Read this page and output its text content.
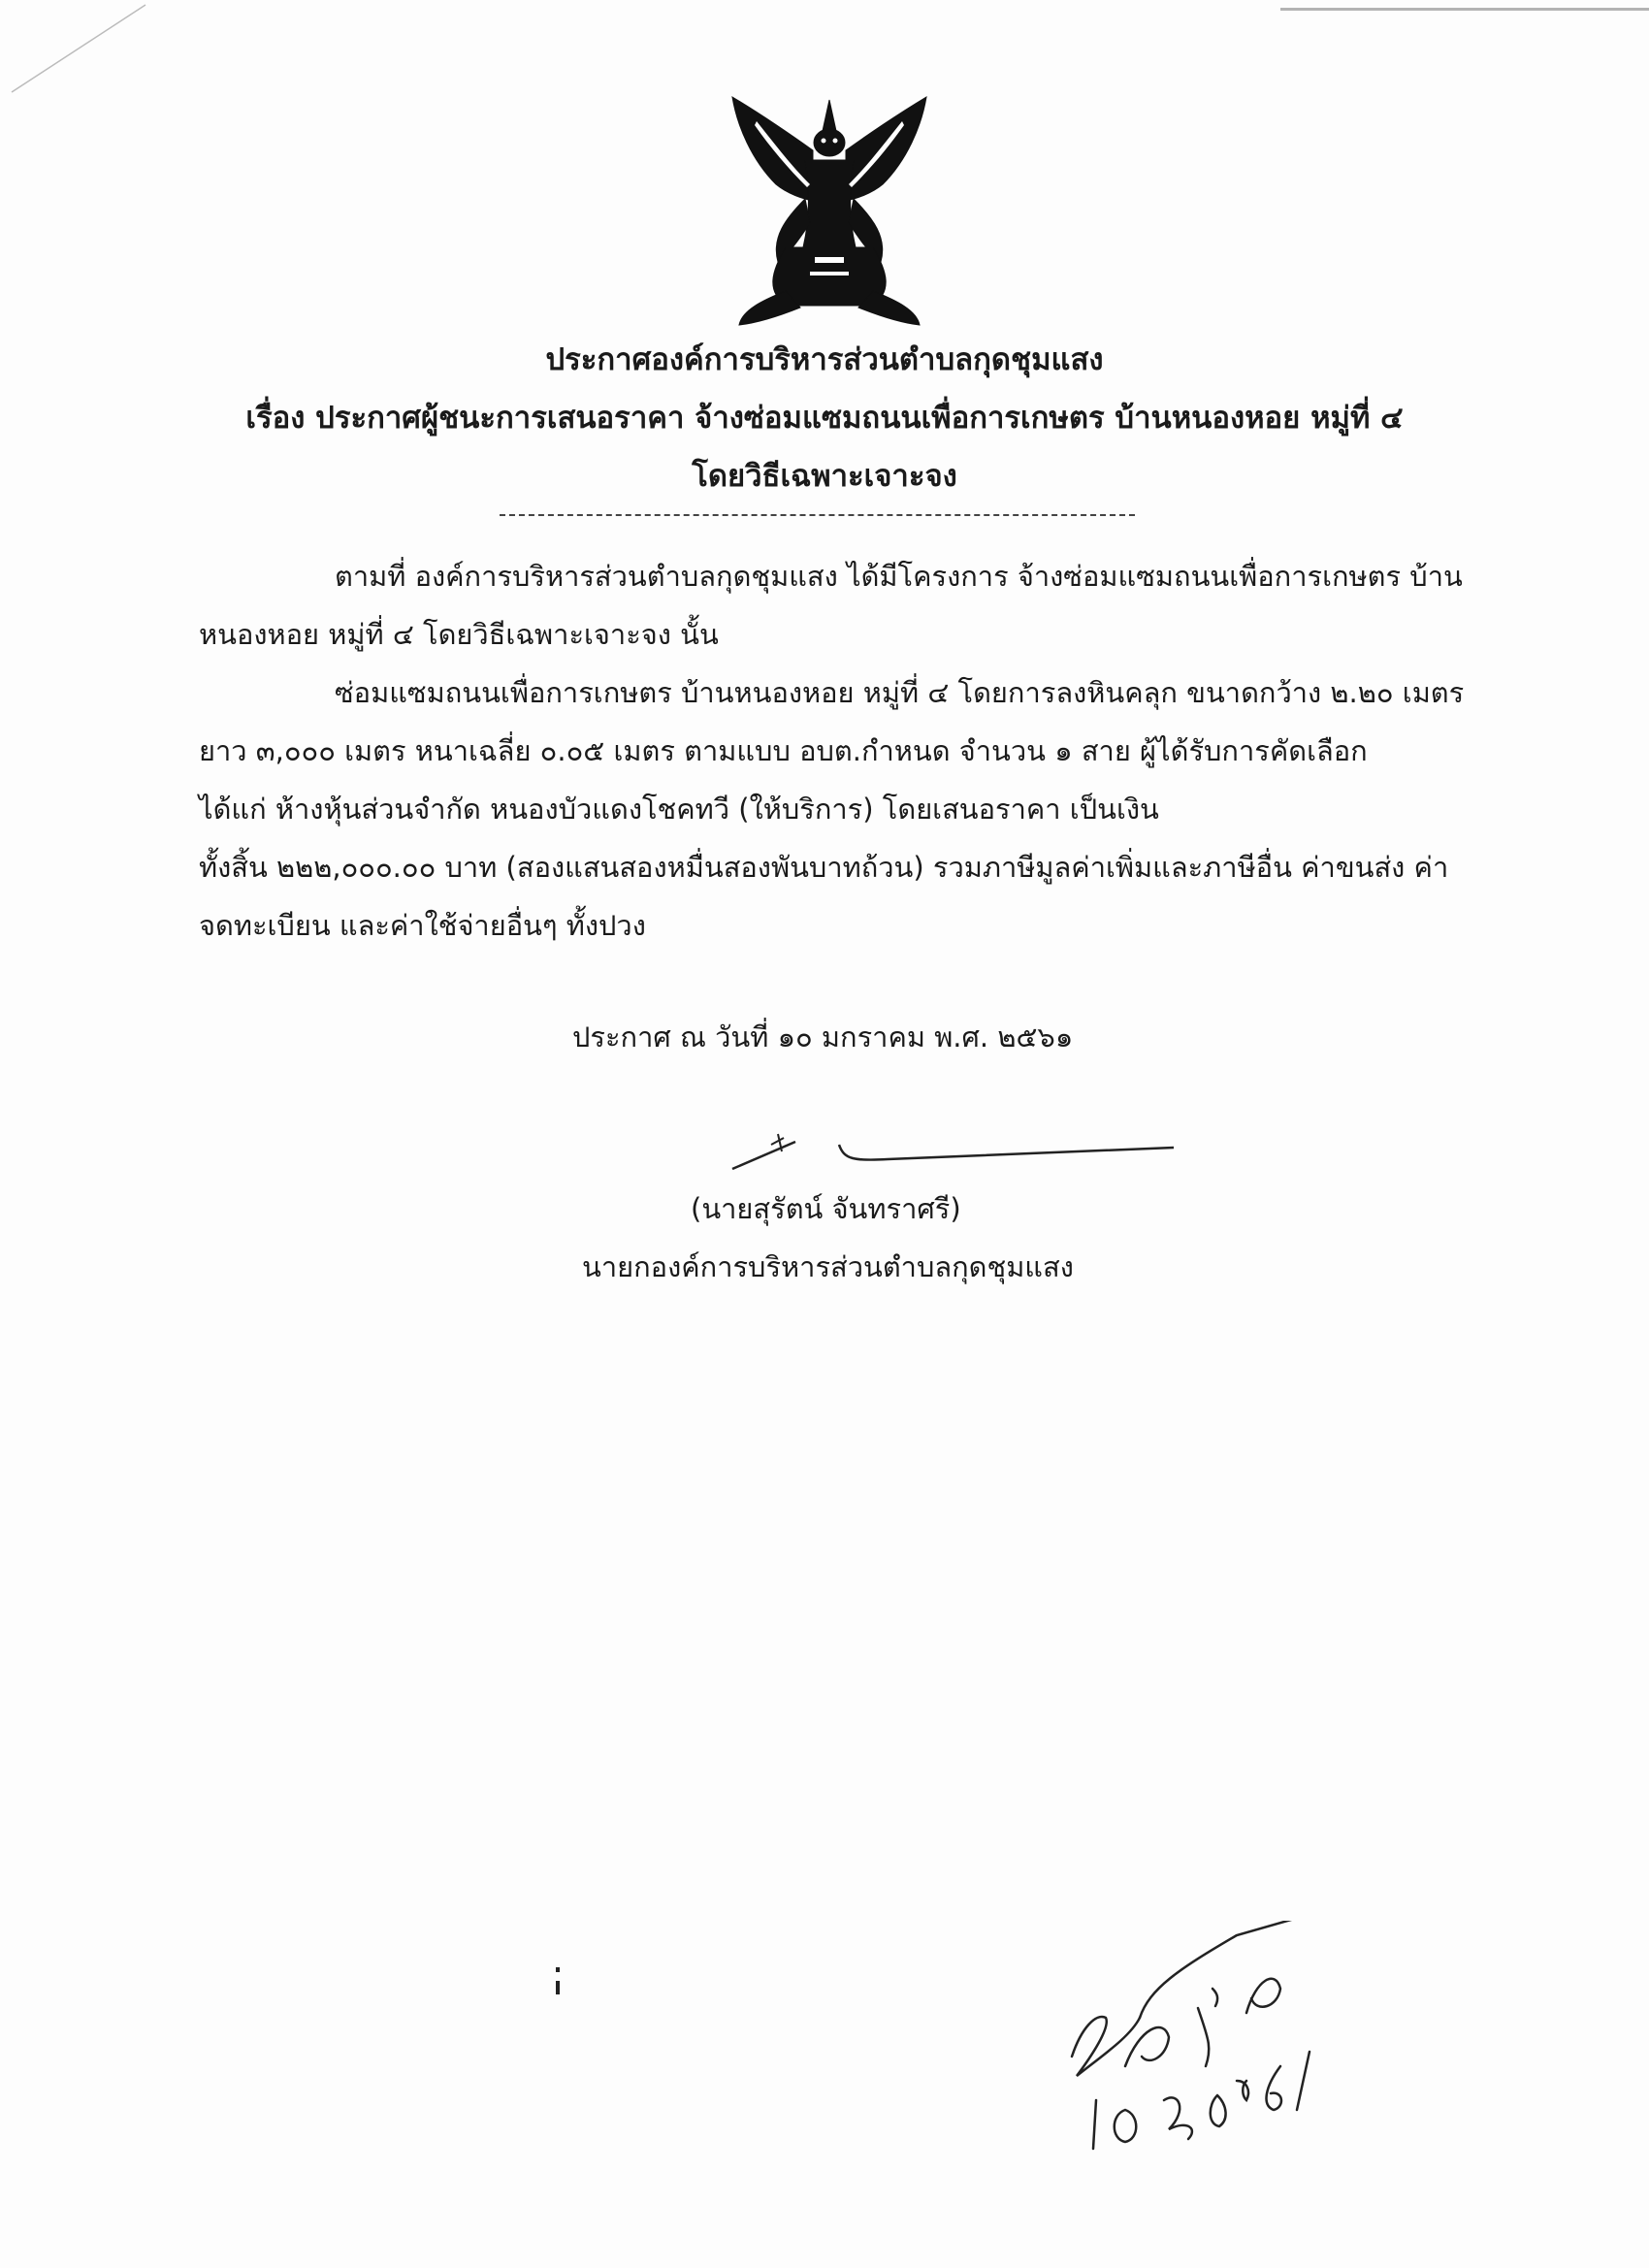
ประกาศองค์การบริหารส่วนตำบลกุดชุมแสง
เรื่อง ประกาศผู้ชนะการเสนอราคา จ้างซ่อมแซมถนนเพื่อการเกษตร บ้านหนองหอย หมู่ที่ ๔
โดยวิธีเฉพาะเจาะจง
ตามที่ องค์การบริหารส่วนตำบลกุดชุมแสง ได้มีโครงการ จ้างซ่อมแซมถนนเพื่อการเกษตร บ้าน
หนองหอย หมู่ที่ ๔ โดยวิธีเฉพาะเจาะจง นั้น
ซ่อมแซมถนนเพื่อการเกษตร บ้านหนองหอย หมู่ที่ ๔ โดยการลงหินคลุก ขนาดกว้าง ๒.๒๐ เมตร
ยาว ๓,๐๐๐ เมตร หนาเฉลี่ย ๐.๐๕ เมตร ตามแบบ อบต.กำหนด จำนวน ๑ สาย ผู้ได้รับการคัดเลือก
ได้แก่ ห้างหุ้นส่วนจำกัด หนองบัวแดงโชคทวี (ให้บริการ) โดยเสนอราคา เป็นเงิน
ทั้งสิ้น ๒๒๒,๐๐๐.๐๐ บาท (สองแสนสองหมื่นสองพันบาทถ้วน) รวมภาษีมูลค่าเพิ่มและภาษีอื่น ค่าขนส่ง ค่า
จดทะเบียน และค่าใช้จ่ายอื่นๆ ทั้งปวง
ประกาศ ณ วันที่ ๑๐ มกราคม พ.ศ. ๒๕๖๑
(นายสุรัตน์ จันทราศรี)
นายกองค์การบริหารส่วนตำบลกุดชุมแสง
